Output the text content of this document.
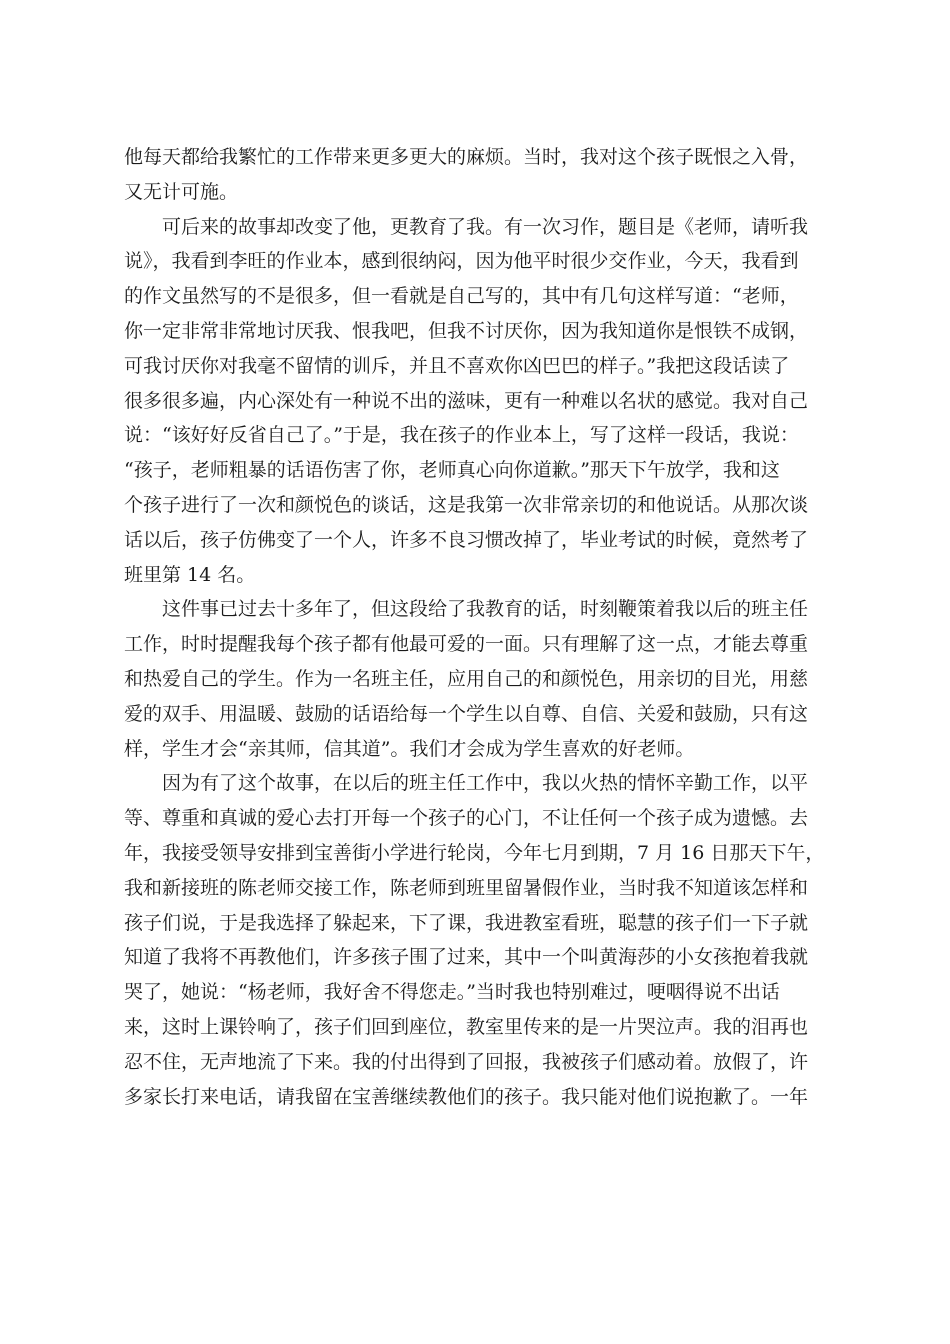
他每天都给我繁忙的工作带来更多更大的麻烦。当时，我对这个孩子既恨之入骨，
又无计可施。

可后来的故事却改变了他，更教育了我。有一次习作，题目是《老师，请听我
说》，我看到李旺的作业本，感到很纳闷，因为他平时很少交作业，今天，我看到
的作文虽然写的不是很多，但一看就是自己写的，其中有几句这样写道：“老师，
你一定非常非常地讨厌我、恨我吧，但我不讨厌你，因为我知道你是恨铁不成钢，
可我讨厌你对我毫不留情的训斥，并且不喜欢你凶巴巴的样子。”我把这段话读了
很多很多遍，内心深处有一种说不出的滋味，更有一种难以名状的感觉。我对自己
说：“该好好反省自己了。”于是，我在孩子的作业本上，写了这样一段话，我说：
“孩子，老师粗暴的话语伤害了你，老师真心向你道歉。”那天下午放学，我和这
个孩子进行了一次和颜悦色的谈话，这是我第一次非常亲切的和他说话。从那次谈
话以后，孩子仿佛变了一个人，许多不良习惯改掉了，毕业考试的时候，竟然考了
班里第 14 名。

这件事已过去十多年了，但这段给了我教育的话，时刻鞭策着我以后的班主任
工作，时时提醒我每个孩子都有他最可爱的一面。只有理解了这一点，才能去尊重
和热爱自己的学生。作为一名班主任，应用自己的和颜悦色，用亲切的目光，用慈
爱的双手、用温暖、鼓励的话语给每一个学生以自尊、自信、关爱和鼓励，只有这
样，学生才会“亲其师，信其道”。我们才会成为学生喜欢的好老师。

因为有了这个故事，在以后的班主任工作中，我以火热的情怀辛勤工作，以平
等、尊重和真诚的爱心去打开每一个孩子的心门，不让任何一个孩子成为遗憾。去
年，我接受领导安排到宝善街小学进行轮岗，今年七月到期，7 月 16 日那天下午，
我和新接班的陈老师交接工作，陈老师到班里留暑假作业，当时我不知道该怎样和
孩子们说，于是我选择了躲起来，下了课，我进教室看班，聪慧的孩子们一下子就
知道了我将不再教他们，许多孩子围了过来，其中一个叫黄海莎的小女孩抱着我就
哭了，她说：“杨老师，我好舍不得您走。”当时我也特别难过，哽咽得说不出话
来，这时上课铃响了，孩子们回到座位，教室里传来的是一片哭泣声。我的泪再也
忍不住，无声地流了下来。我的付出得到了回报，我被孩子们感动着。放假了，许
多家长打来电话，请我留在宝善继续教他们的孩子。我只能对他们说抱歉了。一年
